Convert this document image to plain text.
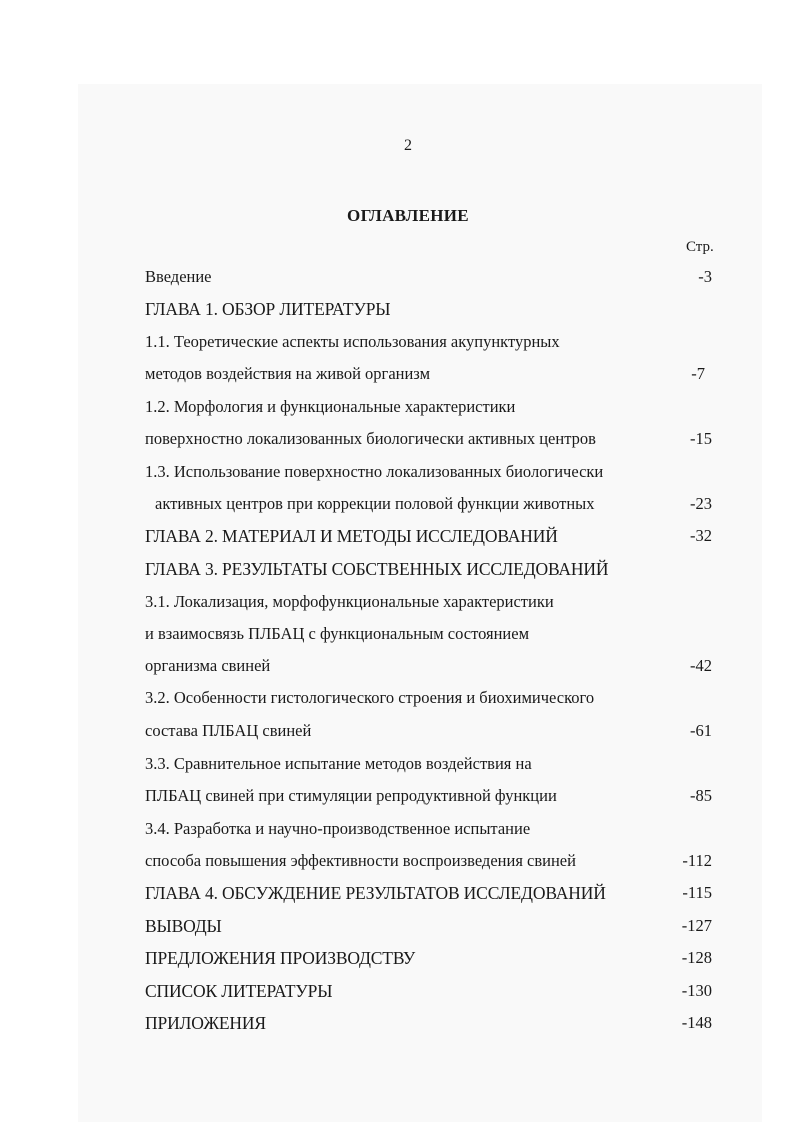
2
ОГЛАВЛЕНИЕ
Стр.
Введение	-3
ГЛАВА 1. ОБЗОР ЛИТЕРАТУРЫ
1.1. Теоретические аспекты использования акупунктурных
методов воздействия на живой организм	-7
1.2. Морфология и функциональные характеристики
поверхностно локализованных биологически активных центров	-15
1.3. Использование поверхностно локализованных биологически
активных центров при коррекции половой функции животных	-23
ГЛАВА 2. МАТЕРИАЛ И МЕТОДЫ ИССЛЕДОВАНИЙ	-32
ГЛАВА 3. РЕЗУЛЬТАТЫ СОБСТВЕННЫХ ИССЛЕДОВАНИЙ
3.1. Локализация, морфофункциональные характеристики
и взаимосвязь ПЛБАЦ с функциональным состоянием
организма свиней	-42
3.2. Особенности гистологического строения и биохимического
состава ПЛБАЦ свиней	-61
3.3. Сравнительное испытание методов воздействия на
ПЛБАЦ свиней при стимуляции репродуктивной функции	-85
3.4. Разработка и научно-производственное испытание
способа повышения эффективности воспроизведения свиней	-112
ГЛАВА 4. ОБСУЖДЕНИЕ РЕЗУЛЬТАТОВ ИССЛЕДОВАНИЙ	-115
ВЫВОДЫ	-127
ПРЕДЛОЖЕНИЯ ПРОИЗВОДСТВУ	-128
СПИСОК ЛИТЕРАТУРЫ	-130
ПРИЛОЖЕНИЯ	-148
